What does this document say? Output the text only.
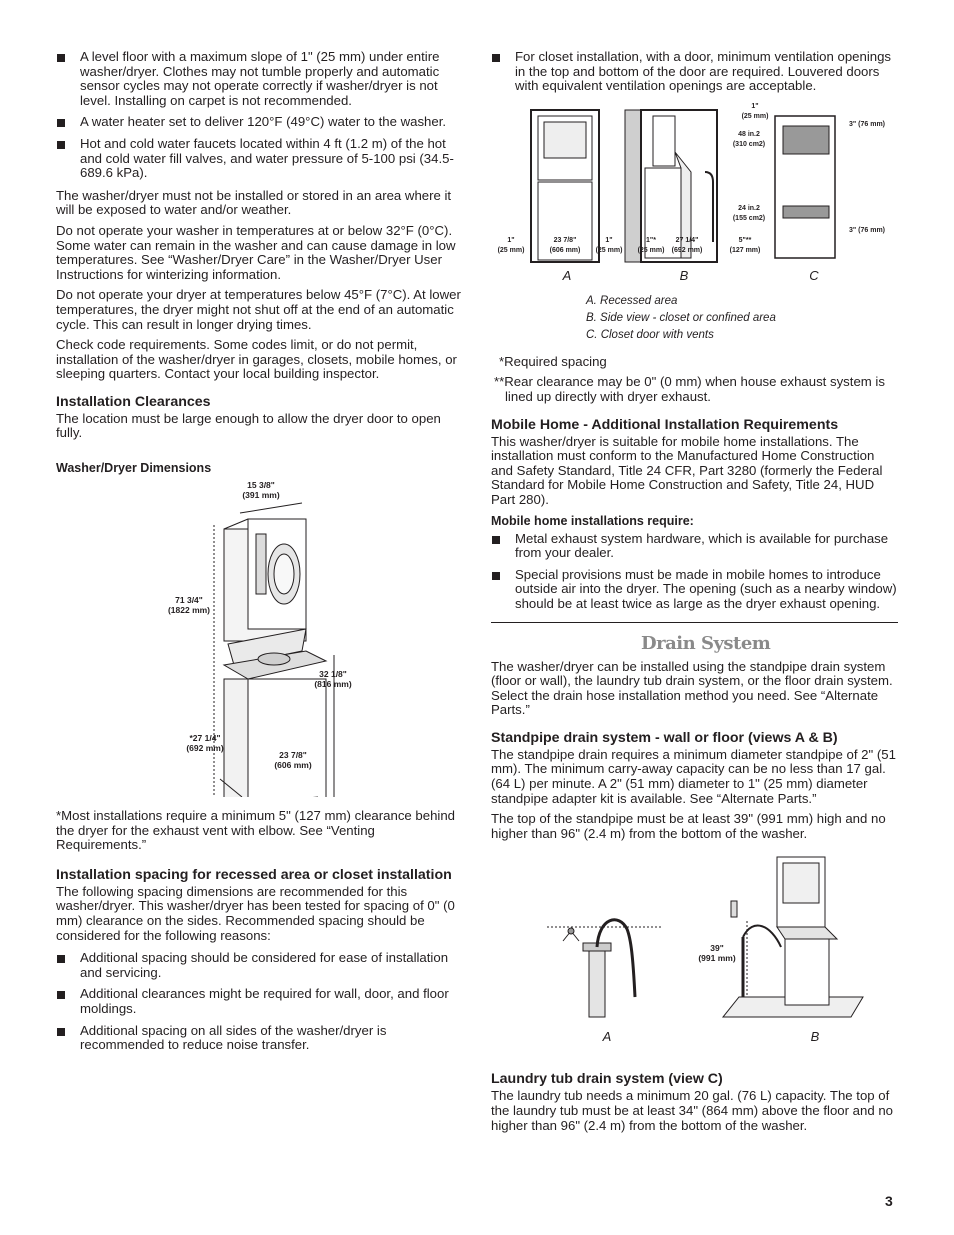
A level floor with a maximum slope of 1" (25 mm) under entire washer/dryer. Clothes may not tumble properly and automatic sensor cycles may not operate correctly if washer/dryer is not level. Installing on carpet is not recommended.
A water heater set to deliver 120°F (49°C) water to the washer.
Hot and cold water faucets located within 4 ft (1.2 m) of the hot and cold water fill valves, and water pressure of 5-100 psi (34.5-689.6 kPa).

The washer/dryer must not be installed or stored in an area where it will be exposed to water and/or weather.

Do not operate your washer in temperatures at or below 32°F (0°C). Some water can remain in the washer and can cause damage in low temperatures. See “Washer/Dryer Care” in the Washer/Dryer User Instructions for winterizing information.

Do not operate your dryer at temperatures below 45°F (7°C). At lower temperatures, the dryer might not shut off at the end of an automatic cycle. This can result in longer drying times.

Check code requirements. Some codes limit, or do not permit, installation of the washer/dryer in garages, closets, mobile homes, or sleeping quarters. Contact your local building inspector.

Installation Clearances

The location must be large enough to allow the dryer door to open fully.

Washer/Dryer Dimensions
15 3/8"
(391 mm)
71 3/4"
(1822 mm)
32 1/8"
(816 mm)
*27 1/4"
(692 mm)
23 7/8"
(606 mm)

*Most installations require a minimum 5" (127 mm) clearance behind the dryer for the exhaust vent with elbow. See “Venting Requirements.”

Installation spacing for recessed area or closet installation

The following spacing dimensions are recommended for this washer/dryer. This washer/dryer has been tested for spacing of 0" (0 mm) clearance on the sides. Recommended spacing should be considered for the following reasons:

Additional spacing should be considered for ease of installation and servicing.
Additional clearances might be required for wall, door, and floor moldings.
Additional spacing on all sides of the washer/dryer is recommended to reduce noise transfer.
For closet installation, with a door, minimum ventilation openings in the top and bottom of the door are required. Louvered doors with equivalent ventilation openings are acceptable.
1"
(25 mm)
23 7/8"
(606 mm)
1"
(25 mm)
1"*
(25 mm)
27 1/4"
(692 mm)
5"**
(127 mm)
1"
(25 mm)
48 in.2
(310 cm2)
24 in.2
(155 cm2)
3" (76 mm)
3" (76 mm)
A	B	C

A. Recessed area

B. Side view - closet or confined area

C. Closet door with vents

*Required spacing

**Rear clearance may be 0" (0 mm) when house exhaust system is lined up directly with dryer exhaust.

Mobile Home - Additional Installation Requirements

This washer/dryer is suitable for mobile home installations. The installation must conform to the Manufactured Home Construction and Safety Standard, Title 24 CFR, Part 3280 (formerly the Federal Standard for Mobile Home Construction and Safety, Title 24, HUD Part 280).

Mobile home installations require:
Metal exhaust system hardware, which is available for purchase from your dealer.
Special provisions must be made in mobile homes to introduce outside air into the dryer. The opening (such as a nearby window) should be at least twice as large as the dryer exhaust opening.
Drain System

The washer/dryer can be installed using the standpipe drain system (floor or wall), the laundry tub drain system, or the floor drain system. Select the drain hose installation method you need. See “Alternate Parts.”

Standpipe drain system - wall or floor (views A & B)

The standpipe drain requires a minimum diameter standpipe of 2" (51 mm). The minimum carry-away capacity can be no less than 17 gal. (64 L) per minute. A 2" (51 mm) diameter to 1" (25 mm) diameter standpipe adapter kit is available. See “Alternate Parts.”

The top of the standpipe must be at least 39" (991 mm) high and no higher than 96" (2.4 m) from the bottom of the washer.

39"
(991 mm)
A	B
Laundry tub drain system (view C)

The laundry tub needs a minimum 20 gal. (76 L) capacity. The top of the laundry tub must be at least 34" (864 mm) above the floor and no higher than 96" (2.4 m) from the bottom of the washer.

3
